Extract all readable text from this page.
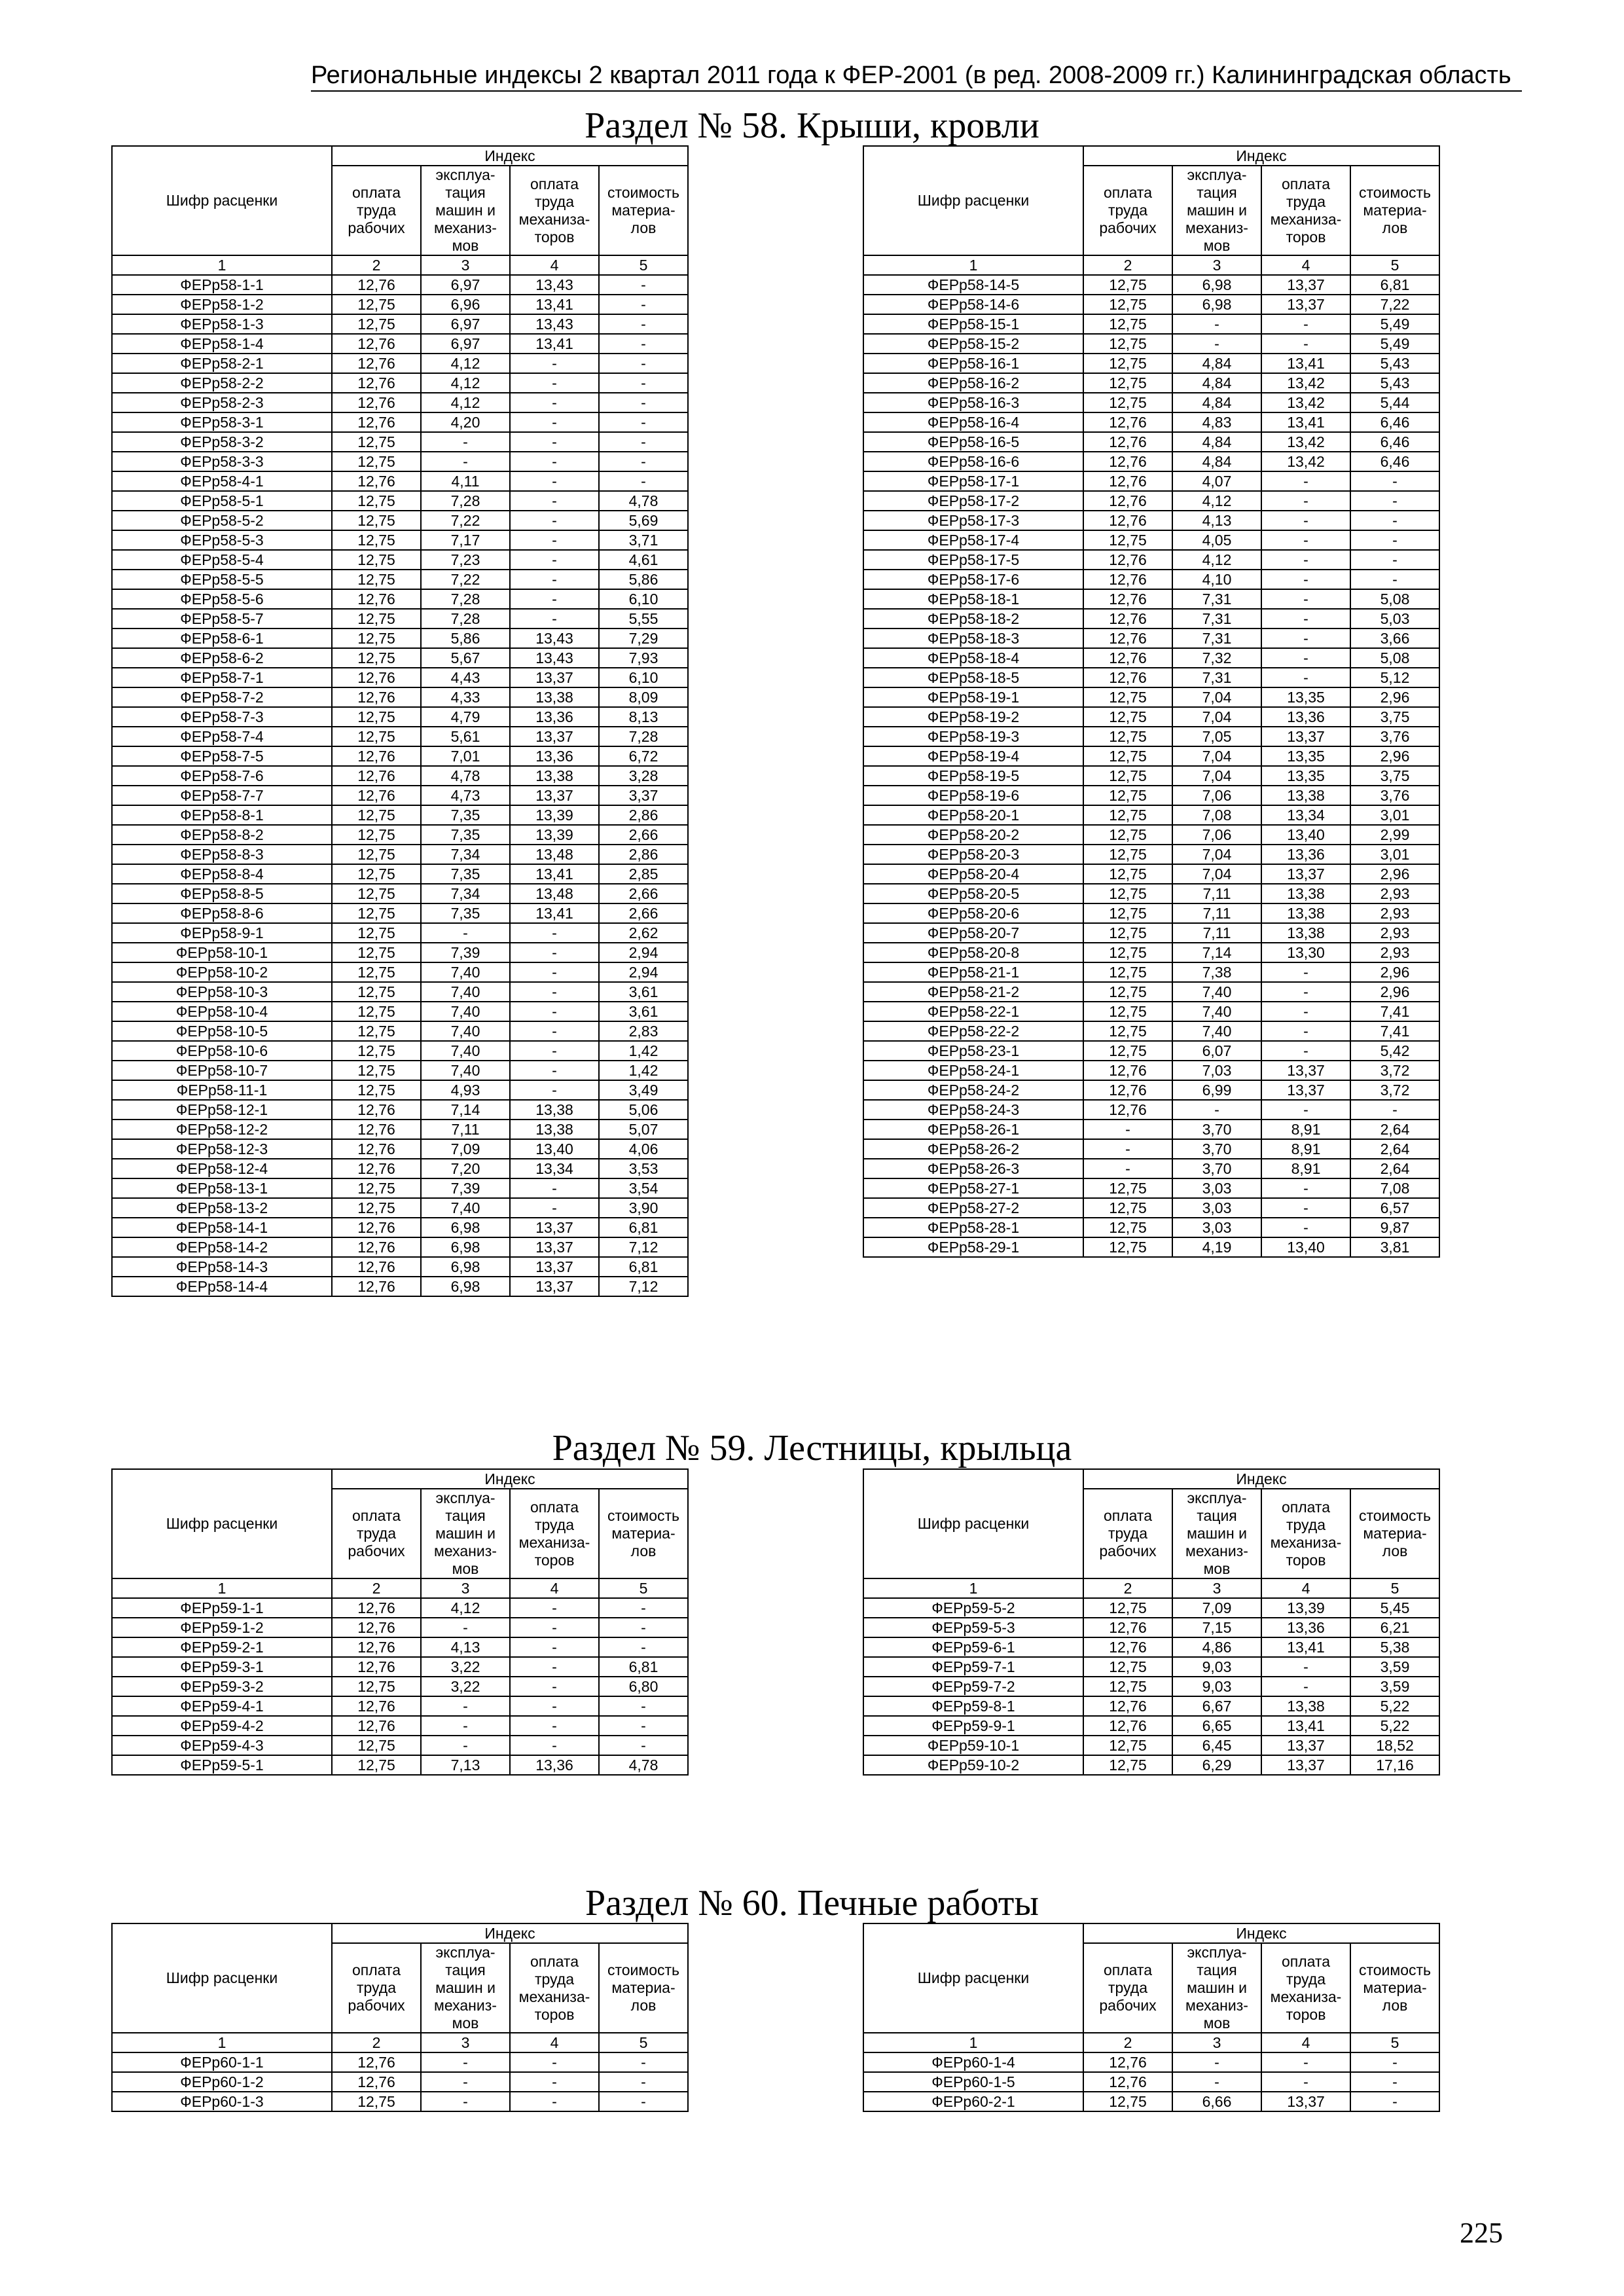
Региональные индексы 2 квартал 2011 года к ФЕР-2001 (в ред. 2008-2009 гг.) Калининградская область
Раздел № 58. Крыши, кровли
Шифр расценки	Индекс			
	оплата труда рабочих	эксплуа-тация машин и механиз-мов	оплата труда механиза-торов	стоимость материа-лов
1	2	3	4	5
ФЕРр58-1-1	12,76	6,97	13,43	-
ФЕРр58-1-2	12,75	6,96	13,41	-
ФЕРр58-1-3	12,75	6,97	13,43	-
ФЕРр58-1-4	12,76	6,97	13,41	-
ФЕРр58-2-1	12,76	4,12	-	-
ФЕРр58-2-2	12,76	4,12	-	-
ФЕРр58-2-3	12,76	4,12	-	-
ФЕРр58-3-1	12,76	4,20	-	-
ФЕРр58-3-2	12,75	-	-	-
ФЕРр58-3-3	12,75	-	-	-
ФЕРр58-4-1	12,76	4,11	-	-
ФЕРр58-5-1	12,75	7,28	-	4,78
ФЕРр58-5-2	12,75	7,22	-	5,69
ФЕРр58-5-3	12,75	7,17	-	3,71
ФЕРр58-5-4	12,75	7,23	-	4,61
ФЕРр58-5-5	12,75	7,22	-	5,86
ФЕРр58-5-6	12,76	7,28	-	6,10
ФЕРр58-5-7	12,75	7,28	-	5,55
ФЕРр58-6-1	12,75	5,86	13,43	7,29
ФЕРр58-6-2	12,75	5,67	13,43	7,93
ФЕРр58-7-1	12,76	4,43	13,37	6,10
ФЕРр58-7-2	12,76	4,33	13,38	8,09
ФЕРр58-7-3	12,75	4,79	13,36	8,13
ФЕРр58-7-4	12,75	5,61	13,37	7,28
ФЕРр58-7-5	12,76	7,01	13,36	6,72
ФЕРр58-7-6	12,76	4,78	13,38	3,28
ФЕРр58-7-7	12,76	4,73	13,37	3,37
ФЕРр58-8-1	12,75	7,35	13,39	2,86
ФЕРр58-8-2	12,75	7,35	13,39	2,66
ФЕРр58-8-3	12,75	7,34	13,48	2,86
ФЕРр58-8-4	12,75	7,35	13,41	2,85
ФЕРр58-8-5	12,75	7,34	13,48	2,66
ФЕРр58-8-6	12,75	7,35	13,41	2,66
ФЕРр58-9-1	12,75	-	-	2,62
ФЕРр58-10-1	12,75	7,39	-	2,94
ФЕРр58-10-2	12,75	7,40	-	2,94
ФЕРр58-10-3	12,75	7,40	-	3,61
ФЕРр58-10-4	12,75	7,40	-	3,61
ФЕРр58-10-5	12,75	7,40	-	2,83
ФЕРр58-10-6	12,75	7,40	-	1,42
ФЕРр58-10-7	12,75	7,40	-	1,42
ФЕРр58-11-1	12,75	4,93	-	3,49
ФЕРр58-12-1	12,76	7,14	13,38	5,06
ФЕРр58-12-2	12,76	7,11	13,38	5,07
ФЕРр58-12-3	12,76	7,09	13,40	4,06
ФЕРр58-12-4	12,76	7,20	13,34	3,53
ФЕРр58-13-1	12,75	7,39	-	3,54
ФЕРр58-13-2	12,75	7,40	-	3,90
ФЕРр58-14-1	12,76	6,98	13,37	6,81
ФЕРр58-14-2	12,76	6,98	13,37	7,12
ФЕРр58-14-3	12,76	6,98	13,37	6,81
ФЕРр58-14-4	12,76	6,98	13,37	7,12
Шифр расценки	Индекс			
	оплата труда рабочих	эксплуа-тация машин и механиз-мов	оплата труда механиза-торов	стоимость материа-лов
1	2	3	4	5
ФЕРр58-14-5	12,75	6,98	13,37	6,81
ФЕРр58-14-6	12,75	6,98	13,37	7,22
ФЕРр58-15-1	12,75	-	-	5,49
ФЕРр58-15-2	12,75	-	-	5,49
ФЕРр58-16-1	12,75	4,84	13,41	5,43
ФЕРр58-16-2	12,75	4,84	13,42	5,43
ФЕРр58-16-3	12,75	4,84	13,42	5,44
ФЕРр58-16-4	12,76	4,83	13,41	6,46
ФЕРр58-16-5	12,76	4,84	13,42	6,46
ФЕРр58-16-6	12,76	4,84	13,42	6,46
ФЕРр58-17-1	12,76	4,07	-	-
ФЕРр58-17-2	12,76	4,12	-	-
ФЕРр58-17-3	12,76	4,13	-	-
ФЕРр58-17-4	12,75	4,05	-	-
ФЕРр58-17-5	12,76	4,12	-	-
ФЕРр58-17-6	12,76	4,10	-	-
ФЕРр58-18-1	12,76	7,31	-	5,08
ФЕРр58-18-2	12,76	7,31	-	5,03
ФЕРр58-18-3	12,76	7,31	-	3,66
ФЕРр58-18-4	12,76	7,32	-	5,08
ФЕРр58-18-5	12,76	7,31	-	5,12
ФЕРр58-19-1	12,75	7,04	13,35	2,96
ФЕРр58-19-2	12,75	7,04	13,36	3,75
ФЕРр58-19-3	12,75	7,05	13,37	3,76
ФЕРр58-19-4	12,75	7,04	13,35	2,96
ФЕРр58-19-5	12,75	7,04	13,35	3,75
ФЕРр58-19-6	12,75	7,06	13,38	3,76
ФЕРр58-20-1	12,75	7,08	13,34	3,01
ФЕРр58-20-2	12,75	7,06	13,40	2,99
ФЕРр58-20-3	12,75	7,04	13,36	3,01
ФЕРр58-20-4	12,75	7,04	13,37	2,96
ФЕРр58-20-5	12,75	7,11	13,38	2,93
ФЕРр58-20-6	12,75	7,11	13,38	2,93
ФЕРр58-20-7	12,75	7,11	13,38	2,93
ФЕРр58-20-8	12,75	7,14	13,30	2,93
ФЕРр58-21-1	12,75	7,38	-	2,96
ФЕРр58-21-2	12,75	7,40	-	2,96
ФЕРр58-22-1	12,75	7,40	-	7,41
ФЕРр58-22-2	12,75	7,40	-	7,41
ФЕРр58-23-1	12,75	6,07	-	5,42
ФЕРр58-24-1	12,76	7,03	13,37	3,72
ФЕРр58-24-2	12,76	6,99	13,37	3,72
ФЕРр58-24-3	12,76	-	-	-
ФЕРр58-26-1	-	3,70	8,91	2,64
ФЕРр58-26-2	-	3,70	8,91	2,64
ФЕРр58-26-3	-	3,70	8,91	2,64
ФЕРр58-27-1	12,75	3,03	-	7,08
ФЕРр58-27-2	12,75	3,03	-	6,57
ФЕРр58-28-1	12,75	3,03	-	9,87
ФЕРр58-29-1	12,75	4,19	13,40	3,81
Раздел № 59. Лестницы, крыльца
Шифр расценки	Индекс			
	оплата труда рабочих	эксплуа-тация машин и механиз-мов	оплата труда механиза-торов	стоимость материа-лов
1	2	3	4	5
ФЕРр59-1-1	12,76	4,12	-	-
ФЕРр59-1-2	12,76	-	-	-
ФЕРр59-2-1	12,76	4,13	-	-
ФЕРр59-3-1	12,76	3,22	-	6,81
ФЕРр59-3-2	12,75	3,22	-	6,80
ФЕРр59-4-1	12,76	-	-	-
ФЕРр59-4-2	12,76	-	-	-
ФЕРр59-4-3	12,75	-	-	-
ФЕРр59-5-1	12,75	7,13	13,36	4,78
Шифр расценки	Индекс			
	оплата труда рабочих	эксплуа-тация машин и механиз-мов	оплата труда механиза-торов	стоимость материа-лов
1	2	3	4	5
ФЕРр59-5-2	12,75	7,09	13,39	5,45
ФЕРр59-5-3	12,76	7,15	13,36	6,21
ФЕРр59-6-1	12,76	4,86	13,41	5,38
ФЕРр59-7-1	12,75	9,03	-	3,59
ФЕРр59-7-2	12,75	9,03	-	3,59
ФЕРр59-8-1	12,76	6,67	13,38	5,22
ФЕРр59-9-1	12,76	6,65	13,41	5,22
ФЕРр59-10-1	12,75	6,45	13,37	18,52
ФЕРр59-10-2	12,75	6,29	13,37	17,16
Раздел № 60. Печные работы
Шифр расценки	Индекс			
	оплата труда рабочих	эксплуа-тация машин и механиз-мов	оплата труда механиза-торов	стоимость материа-лов
1	2	3	4	5
ФЕРр60-1-1	12,76	-	-	-
ФЕРр60-1-2	12,76	-	-	-
ФЕРр60-1-3	12,75	-	-	-
Шифр расценки	Индекс			
	оплата труда рабочих	эксплуа-тация машин и механиз-мов	оплата труда механиза-торов	стоимость материа-лов
1	2	3	4	5
ФЕРр60-1-4	12,76	-	-	-
ФЕРр60-1-5	12,76	-	-	-
ФЕРр60-2-1	12,75	6,66	13,37	-
225
